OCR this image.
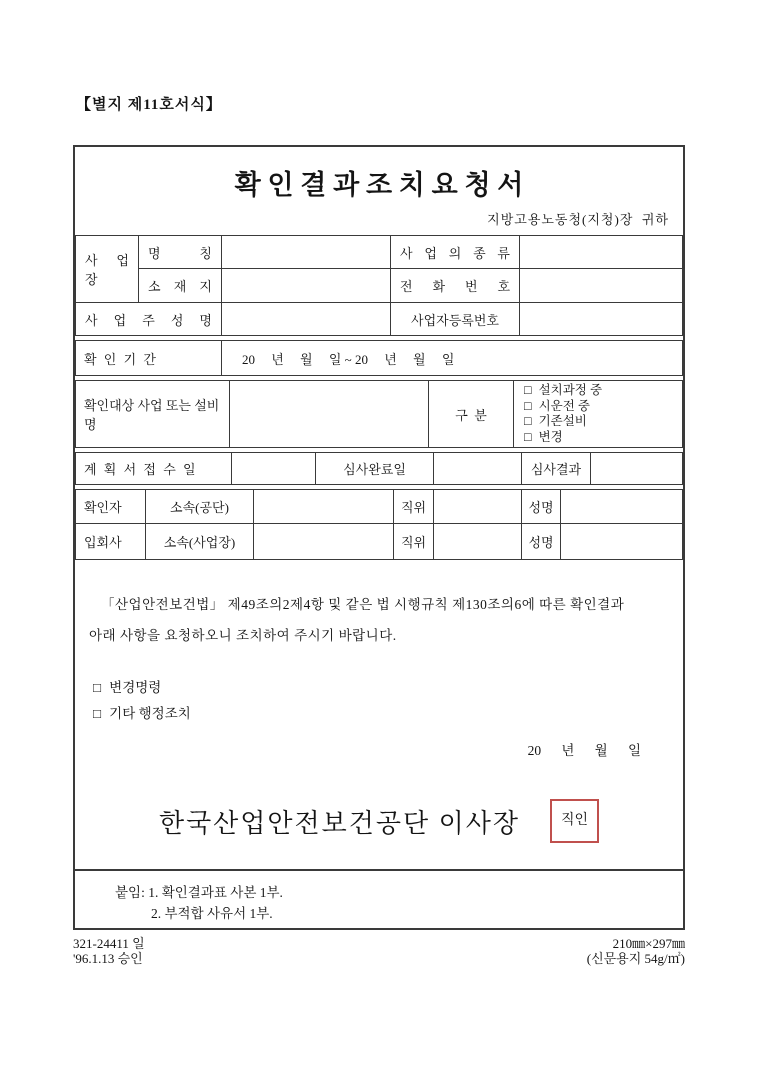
【별지 제11호서식】
확 인 결 과 조 치 요 청 서
지방고용노동청(지청)장  귀하
사 업 장	명 칭		사 업 의 종 류	
	소 재 지		전 화 번 호	
사 업 주 성 명			사업자등록번호	
확 인 기 간	20     년     월     일 ~ 20     년     월     일
확인대상 사업 또는 설비명		구  분	
□ 설치과정 중
□ 시운전 중
□ 기존설비
□ 변경
계 획 서 접 수 일		심사완료일		심사결과	
확인자	소속(공단)		직위		성명	
입회사	소속(사업장)		직위		성명	
「산업안전보건법」 제49조의2제4항 및 같은 법 시행규칙 제130조의6에 따른 확인결과
아래 사항을 요청하오니 조치하여 주시기 바랍니다.
□ 변경명령
□ 기타 행정조치
20      년      월      일
한국산업안전보건공단 이사장	직인
붙임: 1. 확인결과표 사본 1부.
2. 부적합 사유서 1부.
321-24411 일
'96.1.13 승인
210㎜×297㎜
(신문용지 54g/㎡)
